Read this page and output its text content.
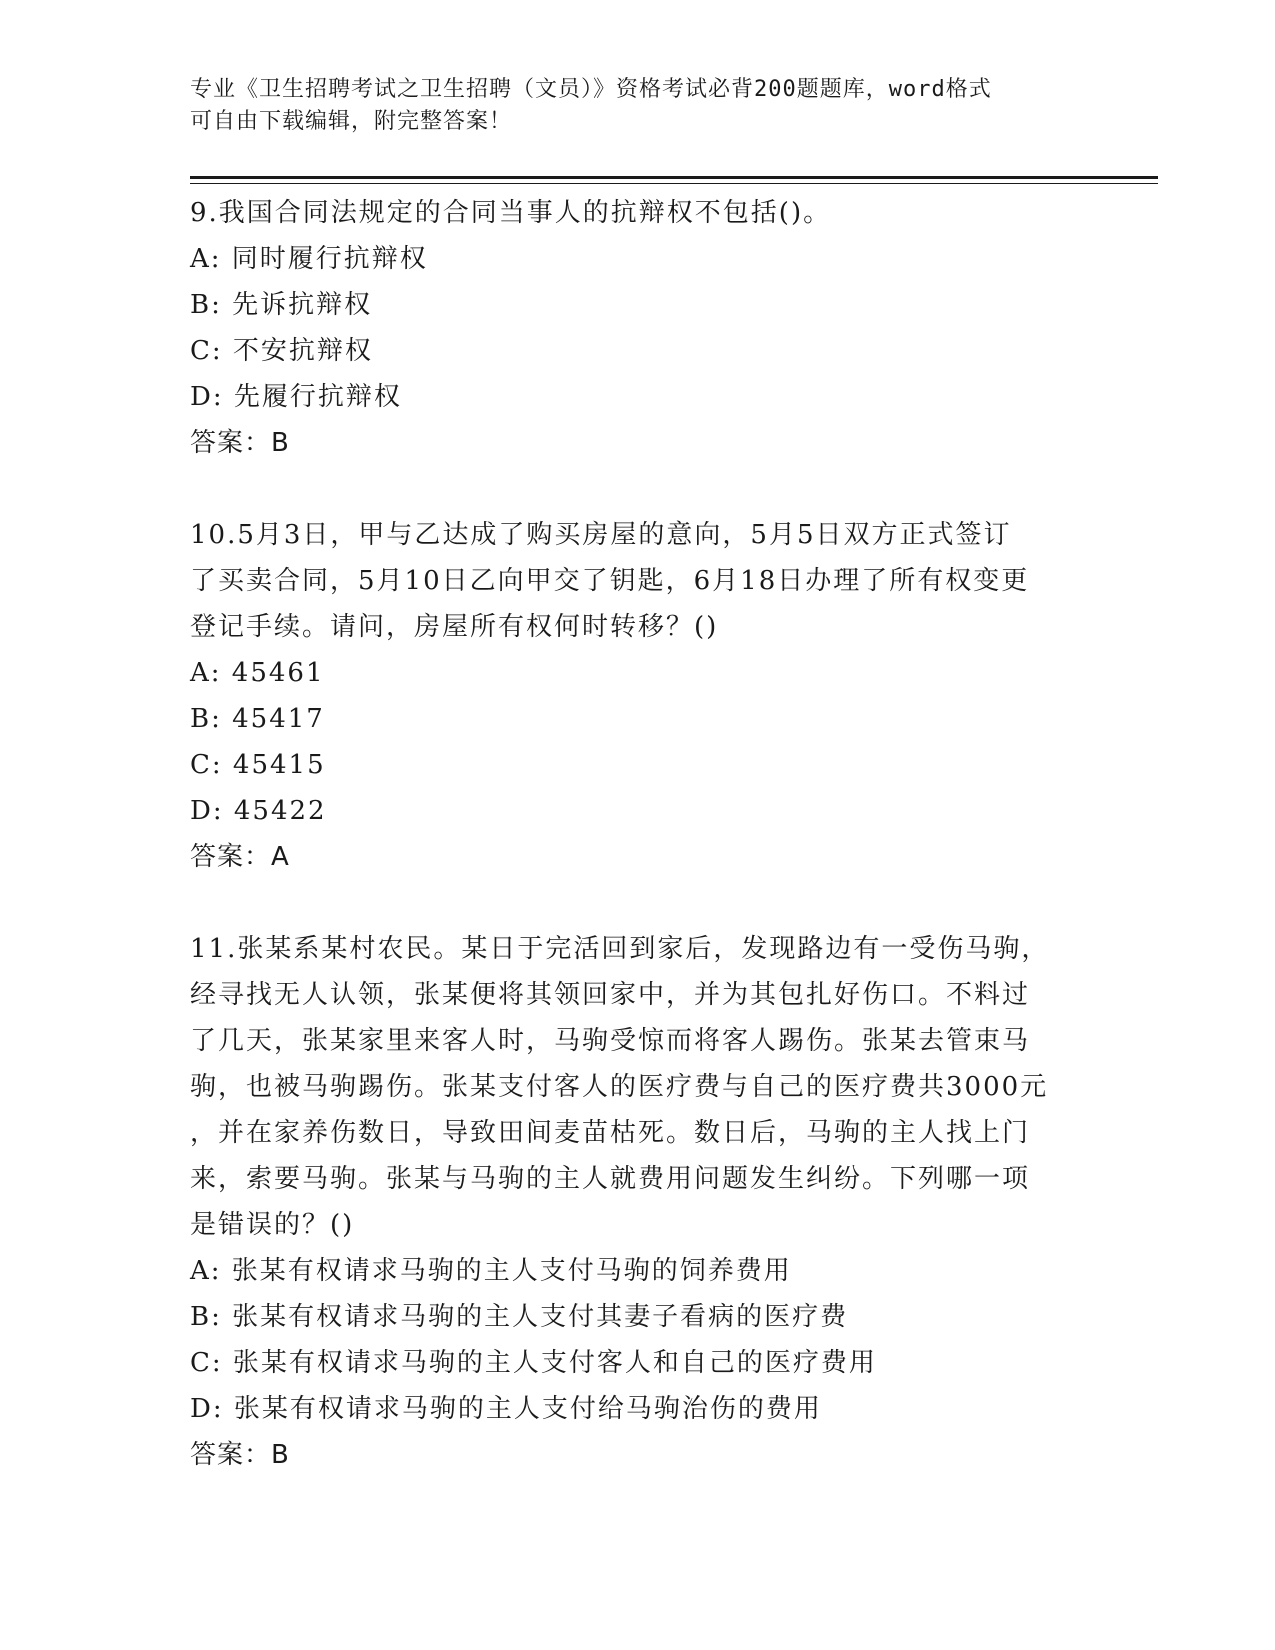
专业《卫生招聘考试之卫生招聘（文员）》资格考试必背200题题库，word格式
可自由下载编辑，附完整答案！

9.我国合同法规定的合同当事人的抗辩权不包括()。

A: 同时履行抗辩权

B: 先诉抗辩权

C: 不安抗辩权

D: 先履行抗辩权

答案：B

10.5月3日，甲与乙达成了购买房屋的意向，5月5日双方正式签订

了买卖合同，5月10日乙向甲交了钥匙，6月18日办理了所有权变更

登记手续。请问，房屋所有权何时转移？()

A: 45461

B: 45417

C: 45415

D: 45422

答案：A

11.张某系某村农民。某日于完活回到家后，发现路边有一受伤马驹，

经寻找无人认领，张某便将其领回家中，并为其包扎好伤口。不料过

了几天，张某家里来客人时，马驹受惊而将客人踢伤。张某去管束马

驹，也被马驹踢伤。张某支付客人的医疗费与自己的医疗费共3000元

，并在家养伤数日，导致田间麦苗枯死。数日后，马驹的主人找上门

来，索要马驹。张某与马驹的主人就费用问题发生纠纷。下列哪一项

是错误的？()

A: 张某有权请求马驹的主人支付马驹的饲养费用

B: 张某有权请求马驹的主人支付其妻子看病的医疗费

C: 张某有权请求马驹的主人支付客人和自己的医疗费用

D: 张某有权请求马驹的主人支付给马驹治伤的费用

答案：B
